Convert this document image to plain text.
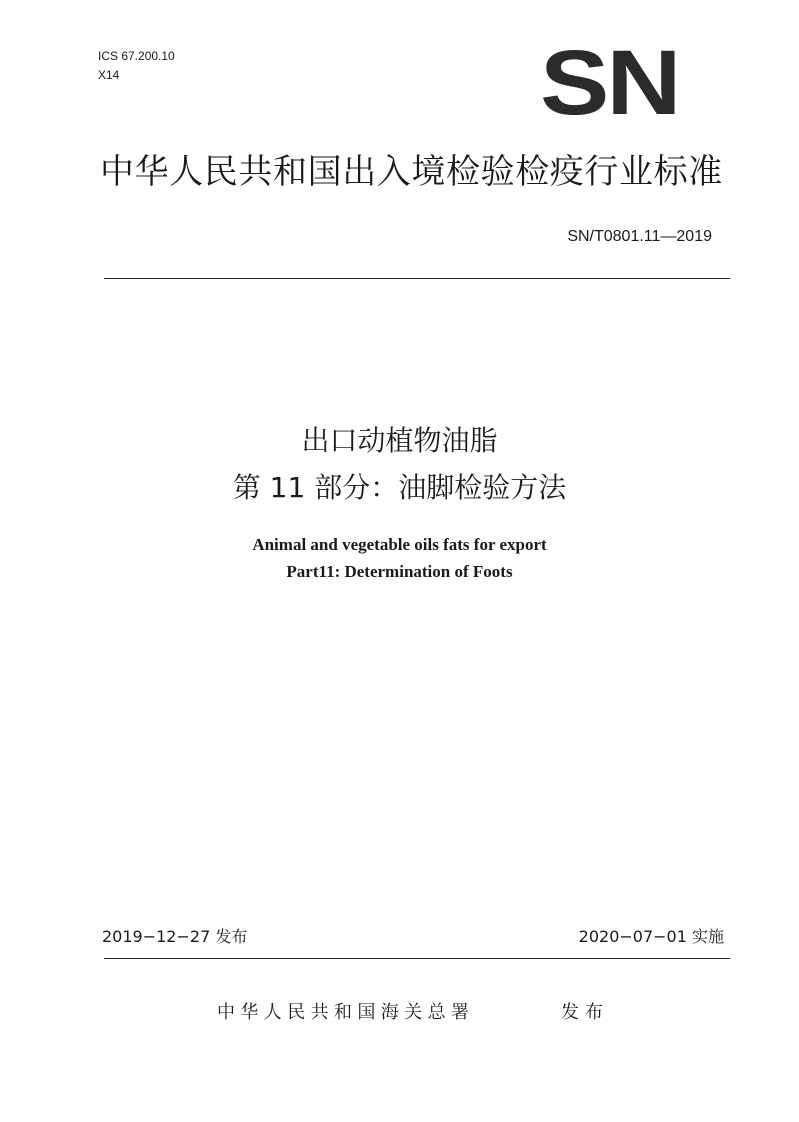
ICS 67.200.10
X14	SN
中华人民共和国出入境检验检疫行业标准
SN/T0801.11—2019
出口动植物油脂
第 11 部分：油脚检验方法
Animal and vegetable oils fats for export
Part11: Determination of Foots
2019−12−27 发布	2020−07−01 实施
中华人民共和国海关总署	发布
